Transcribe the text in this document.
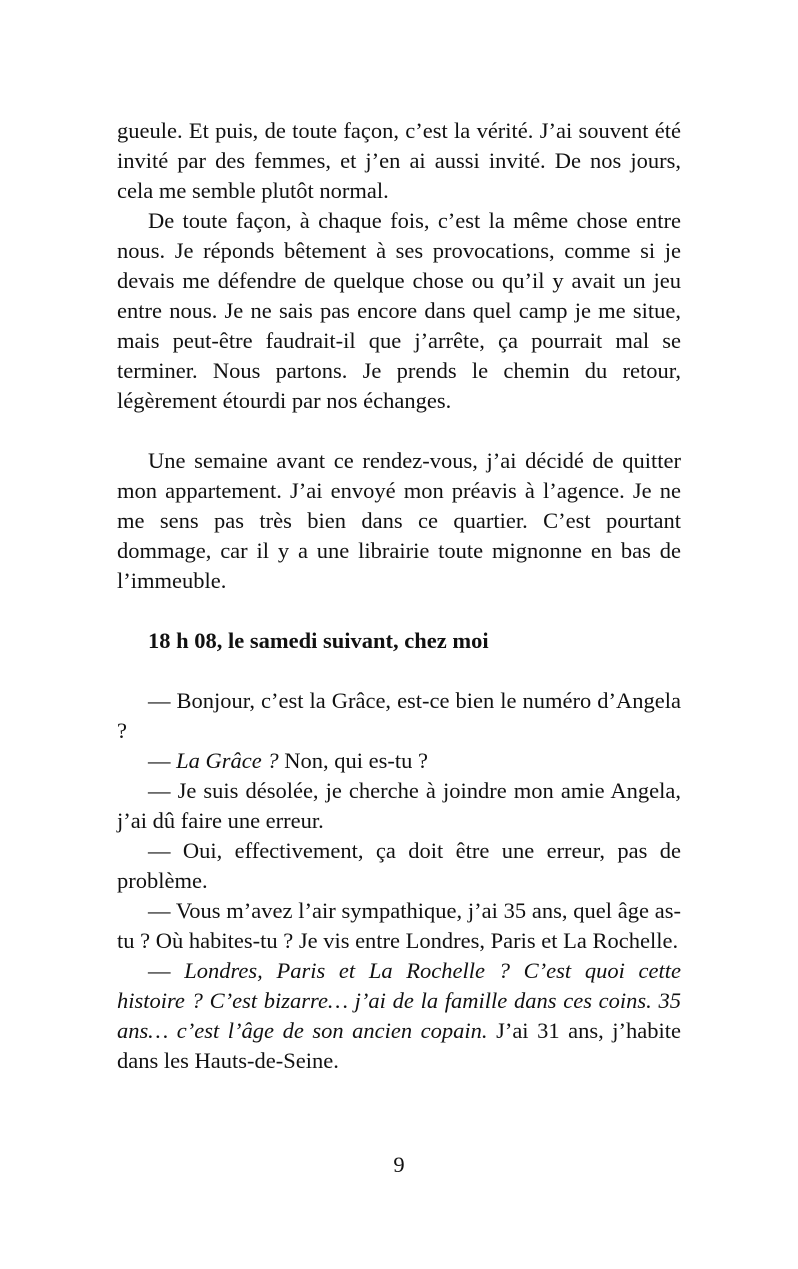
gueule. Et puis, de toute façon, c’est la vérité. J’ai souvent été invité par des femmes, et j’en ai aussi invité. De nos jours, cela me semble plutôt normal.

De toute façon, à chaque fois, c’est la même chose entre nous. Je réponds bêtement à ses provocations, comme si je devais me défendre de quelque chose ou qu’il y avait un jeu entre nous. Je ne sais pas encore dans quel camp je me situe, mais peut-être faudrait-il que j’arrête, ça pourrait mal se terminer. Nous partons. Je prends le chemin du retour, légèrement étourdi par nos échanges.

Une semaine avant ce rendez-vous, j’ai décidé de quitter mon appartement. J’ai envoyé mon préavis à l’agence. Je ne me sens pas très bien dans ce quartier. C’est pourtant dommage, car il y a une librairie toute mignonne en bas de l’immeuble.

18 h 08, le samedi suivant, chez moi

— Bonjour, c’est la Grâce, est-ce bien le numéro d’Angela ?

— La Grâce ? Non, qui es-tu ?

— Je suis désolée, je cherche à joindre mon amie Angela, j’ai dû faire une erreur.

— Oui, effectivement, ça doit être une erreur, pas de problème.

— Vous m’avez l’air sympathique, j’ai 35 ans, quel âge as-tu ? Où habites-tu ? Je vis entre Londres, Paris et La Rochelle.

— Londres, Paris et La Rochelle ? C’est quoi cette histoire ? C’est bizarre… j’ai de la famille dans ces coins. 35 ans… c’est l’âge de son ancien copain. J’ai 31 ans, j’habite dans les Hauts-de-Seine.

9
